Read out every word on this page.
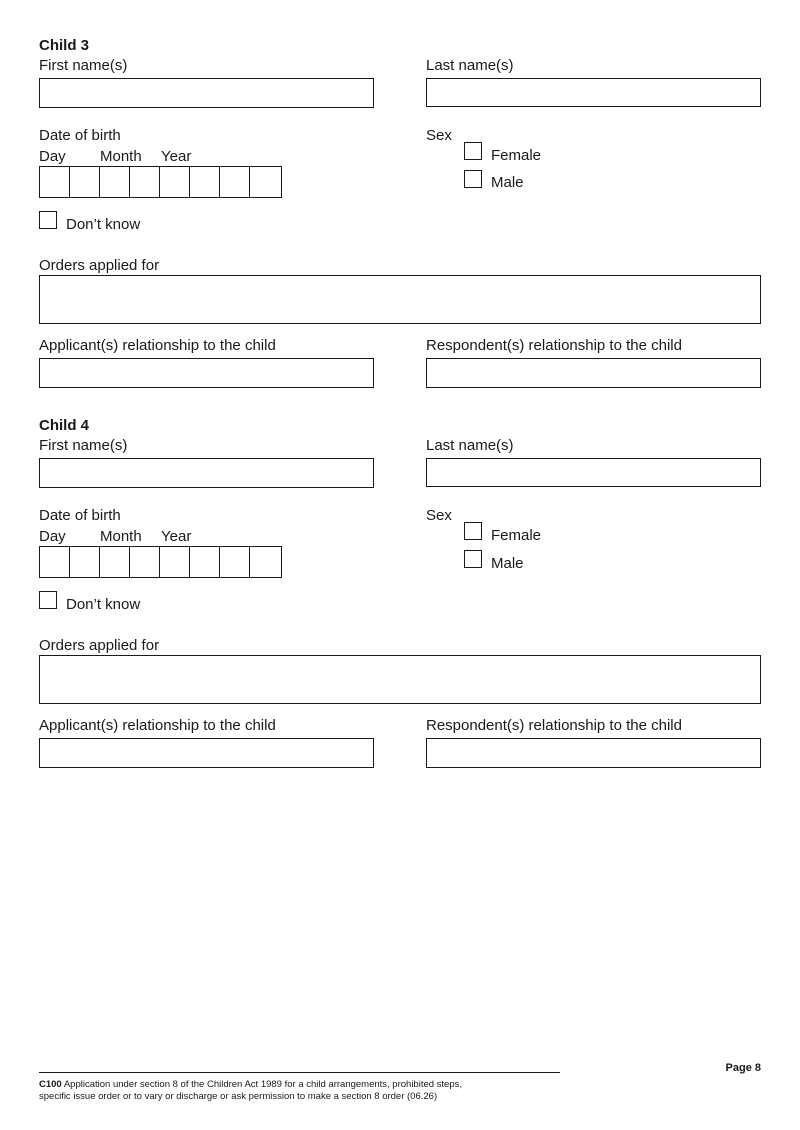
Child 3
First name(s)	Last name(s)
Date of birth
Day Month Year
Don’t know
Sex
Female
Male
Orders applied for
Applicant(s) relationship to the child	Respondent(s) relationship to the child
Child 4
First name(s)	Last name(s)
Date of birth
Day Month Year
Don’t know
Sex
Female
Male
Orders applied for
Applicant(s) relationship to the child	Respondent(s) relationship to the child
Page 8
C100 Application under section 8 of the Children Act 1989 for a child arrangements, prohibited steps,
specific issue order or to vary or discharge or ask permission to make a section 8 order (06.26)
